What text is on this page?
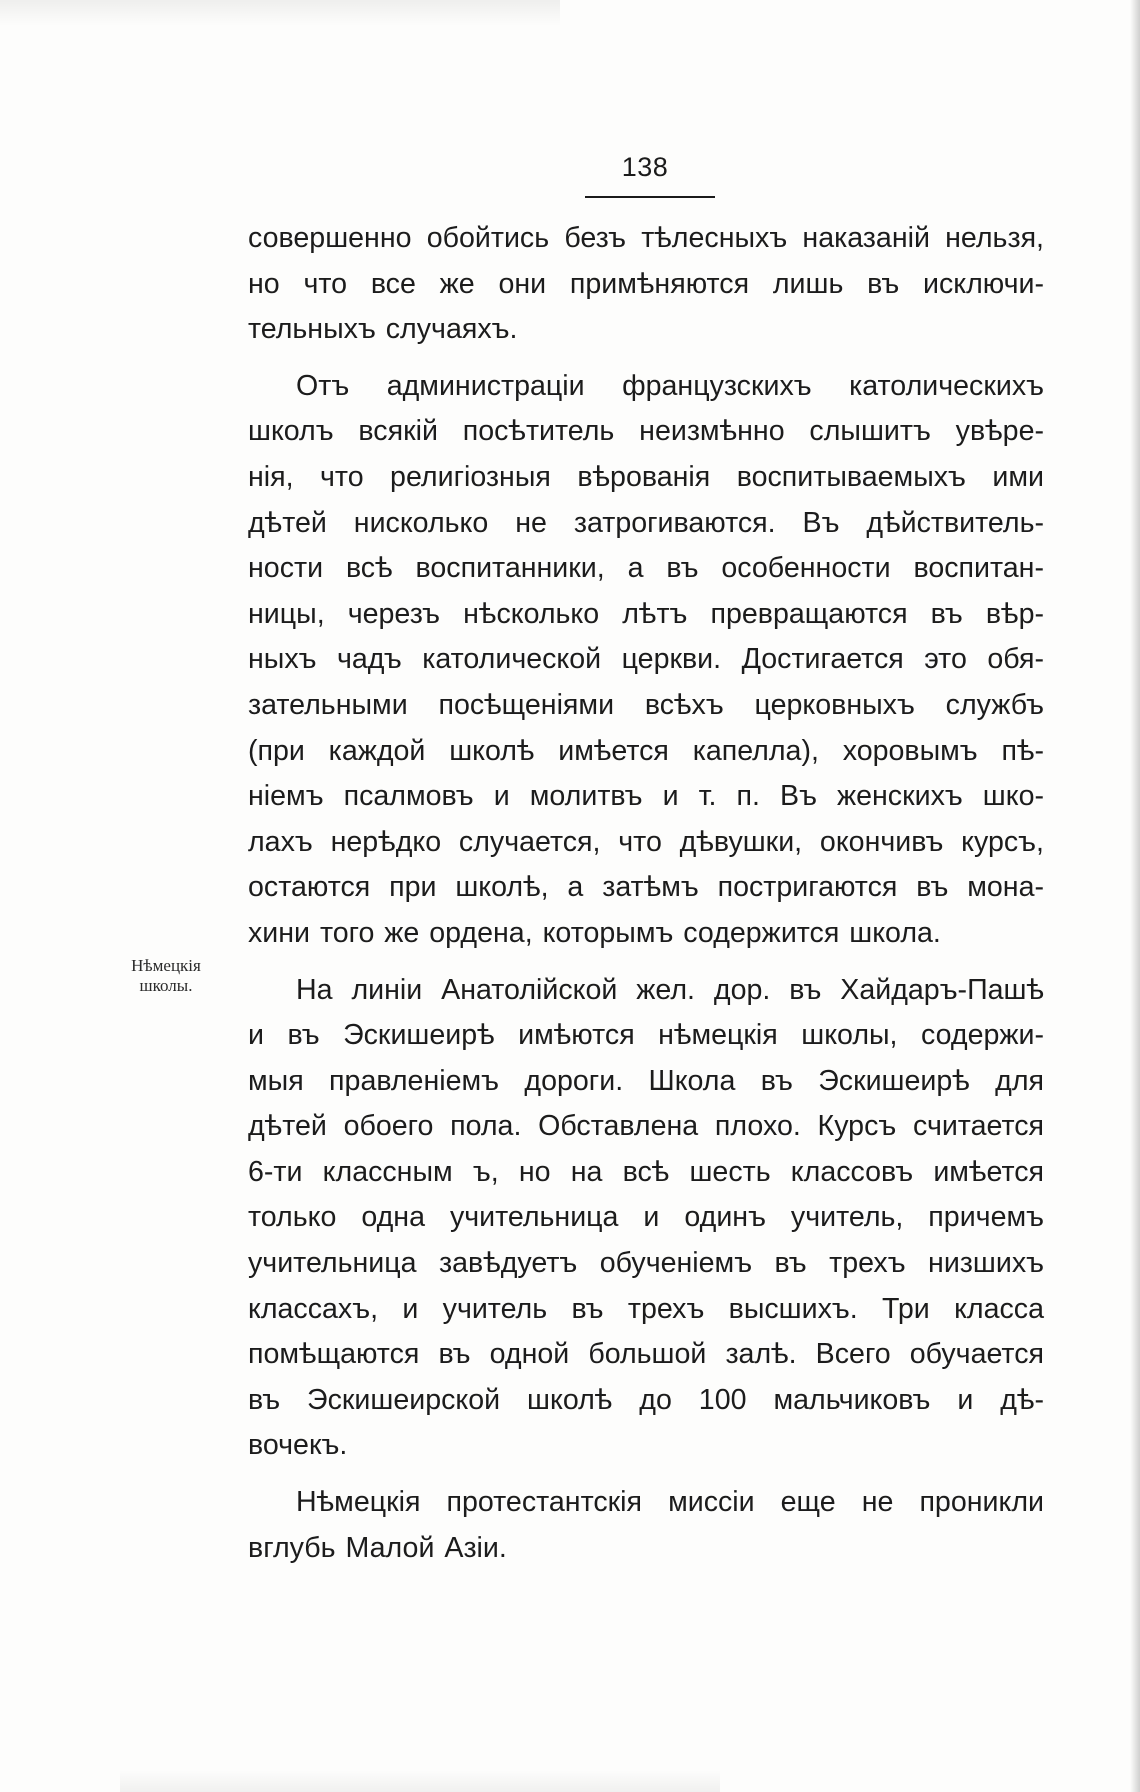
138
Нѣмецкія
школы.

совершенно обойтись безъ тѣлесныхъ наказаній нельзя,
но что все же они примѣняются лишь въ исключи-
тельныхъ случаяхъ.

Отъ администраціи французскихъ католическихъ
школъ всякій посѣтитель неизмѣнно слышитъ увѣре-
нія, что религіозныя вѣрованія воспитываемыхъ ими
дѣтей нисколько не затрогиваются. Въ дѣйствитель-
ности всѣ воспитанники, а въ особенности воспитан-
ницы, черезъ нѣсколько лѣтъ превращаются въ вѣр-
ныхъ чадъ католической церкви. Достигается это обя-
зательными посѣщеніями всѣхъ церковныхъ службъ
(при каждой школѣ имѣется капелла), хоровымъ пѣ-
ніемъ псалмовъ и молитвъ и т. п. Въ женскихъ шко-
лахъ нерѣдко случается, что дѣвушки, окончивъ курсъ,
остаются при школѣ, а затѣмъ постригаются въ мона-
хини того же ордена, которымъ содержится школа.

На линіи Анатолійской жел. дор. въ Хайдаръ-Пашѣ
и въ Эскишеирѣ имѣются нѣмецкія школы, содержи-
мыя правленіемъ дороги. Школа въ Эскишеирѣ для
дѣтей обоего пола. Обставлена плохо. Курсъ считается
6-ти классным ъ, но на всѣ шесть классовъ имѣется
только одна учительница и одинъ учитель, причемъ
учительница завѣдуетъ обученіемъ въ трехъ низшихъ
классахъ, и учитель въ трехъ высшихъ. Три класса
помѣщаются въ одной большой залѣ. Всего обучается
въ Эскишеирской школѣ до 100 мальчиковъ и дѣ-
вочекъ.

Нѣмецкія протестантскія миссіи еще не проникли
вглубь Малой Азіи.
